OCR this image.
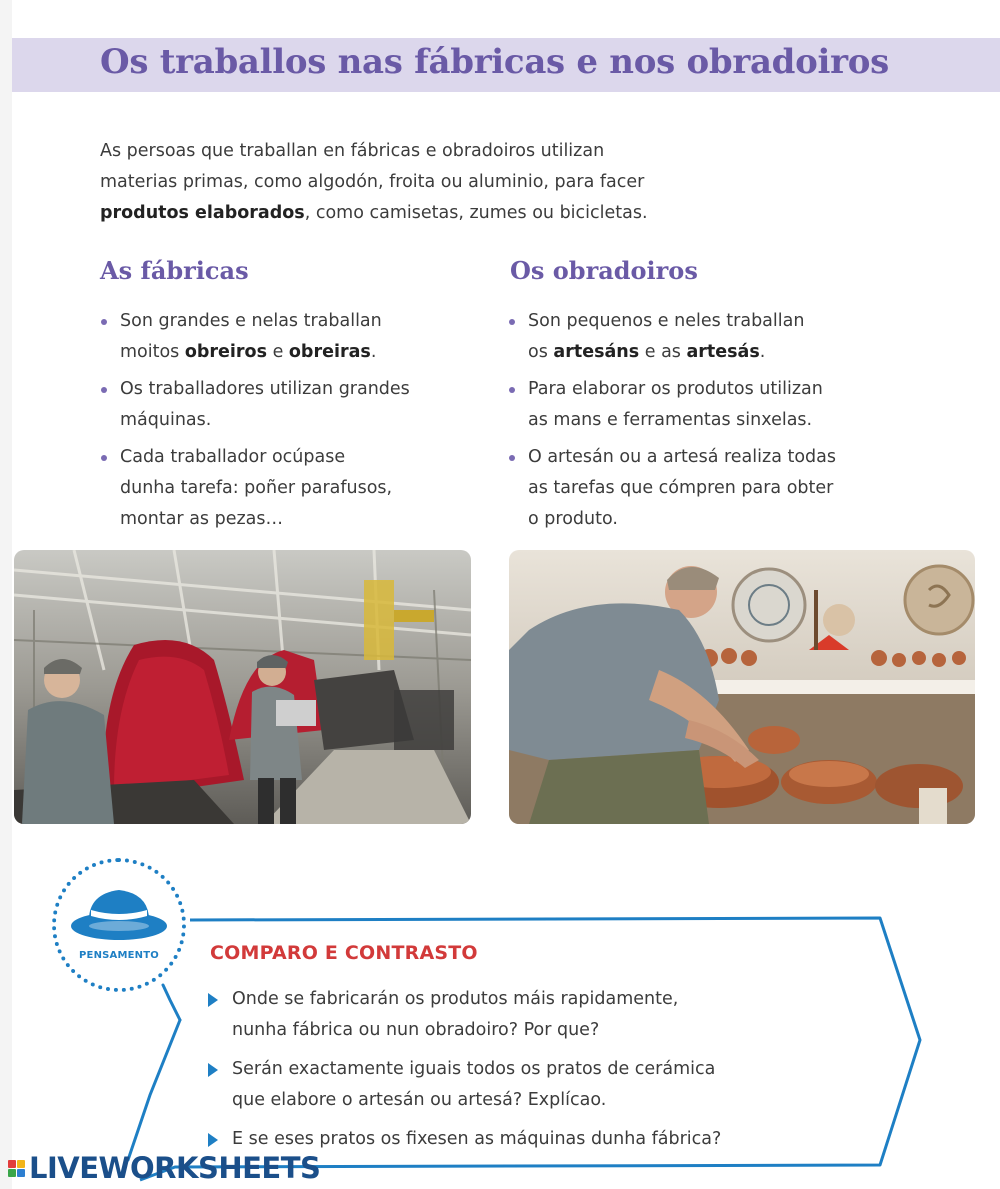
Os traballos nas fábricas e nos obradoiros

As persoas que traballan en fábricas e obradoiros utilizan
materias primas, como algodón, froita ou aluminio, para facer
produtos elaborados, como camisetas, zumes ou bicicletas.

As fábricas	Os obradoiros
Son grandes e nelas traballan
moitos obreiros e obreiras.
Os traballadores utilizan grandes
máquinas.
Cada traballador ocúpase
dunha tarefa: poñer parafusos,
montar as pezas…
Son pequenos e neles traballan
os artesáns e as artesás.
Para elaborar os produtos utilizan
as mans e ferramentas sinxelas.
O artesán ou a artesá realiza todas
as tarefas que cómpren para obter
o produto.
PENSAMENTO	COMPARO E CONTRASTO
Onde se fabricarán os produtos máis rapidamente,
nunha fábrica ou nun obradoiro? Por que?
Serán exactamente iguais todos os pratos de cerámica
que elabore o artesán ou artesá? Explícao.
E se eses pratos os fixesen as máquinas dunha fábrica?
LIVEWORKSHEETS
